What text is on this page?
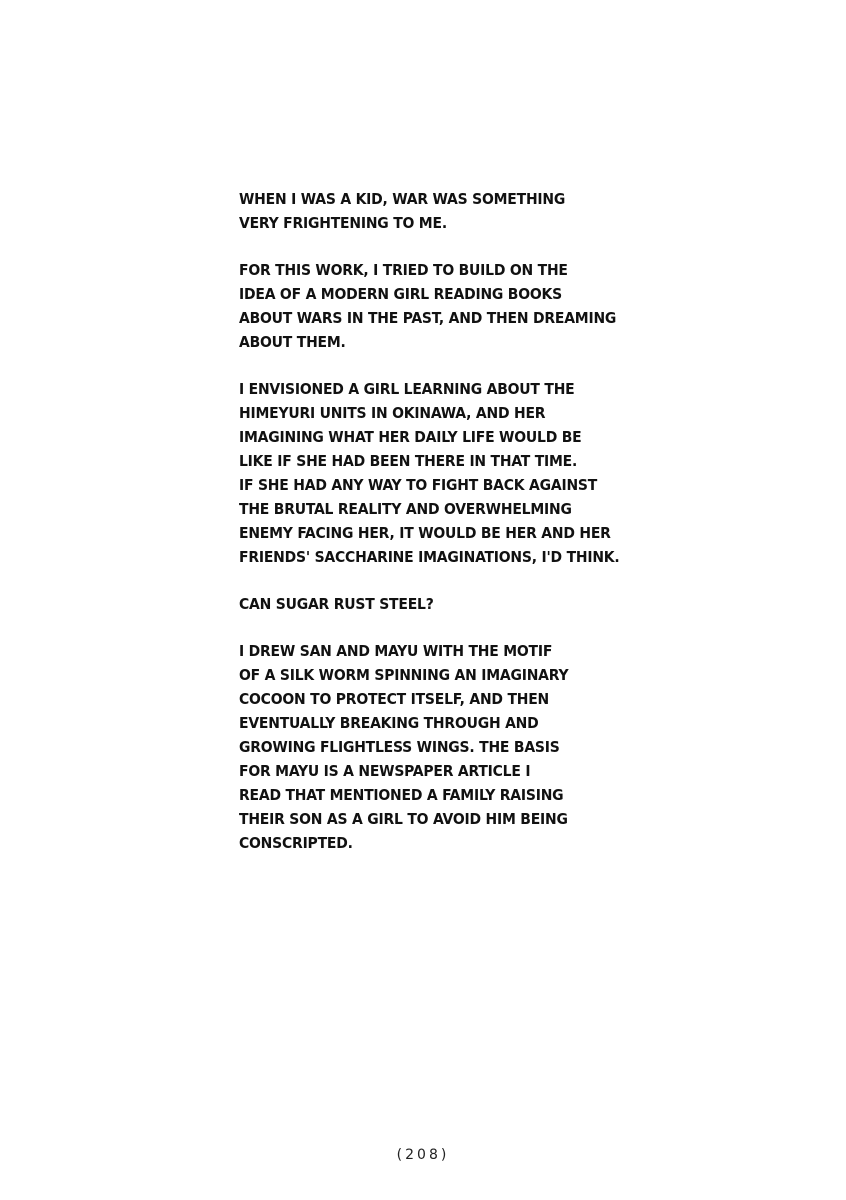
WHEN I WAS A KID, WAR WAS SOMETHING
VERY FRIGHTENING TO ME.
FOR THIS WORK, I TRIED TO BUILD ON THE
IDEA OF A MODERN GIRL READING BOOKS
ABOUT WARS IN THE PAST, AND THEN DREAMING
ABOUT THEM.
I ENVISIONED A GIRL LEARNING ABOUT THE
HIMEYURI UNITS IN OKINAWA, AND HER
IMAGINING WHAT HER DAILY LIFE WOULD BE
LIKE IF SHE HAD BEEN THERE IN THAT TIME.
IF SHE HAD ANY WAY TO FIGHT BACK AGAINST
THE BRUTAL REALITY AND OVERWHELMING
ENEMY FACING HER, IT WOULD BE HER AND HER
FRIENDS' SACCHARINE IMAGINATIONS, I'D THINK.
CAN SUGAR RUST STEEL?
I DREW SAN AND MAYU WITH THE MOTIF
OF A SILK WORM SPINNING AN IMAGINARY
COCOON TO PROTECT ITSELF, AND THEN
EVENTUALLY BREAKING THROUGH AND
GROWING FLIGHTLESS WINGS. THE BASIS
FOR MAYU IS A NEWSPAPER ARTICLE I
READ THAT MENTIONED A FAMILY RAISING
THEIR SON AS A GIRL TO AVOID HIM BEING
CONSCRIPTED.
(208)
